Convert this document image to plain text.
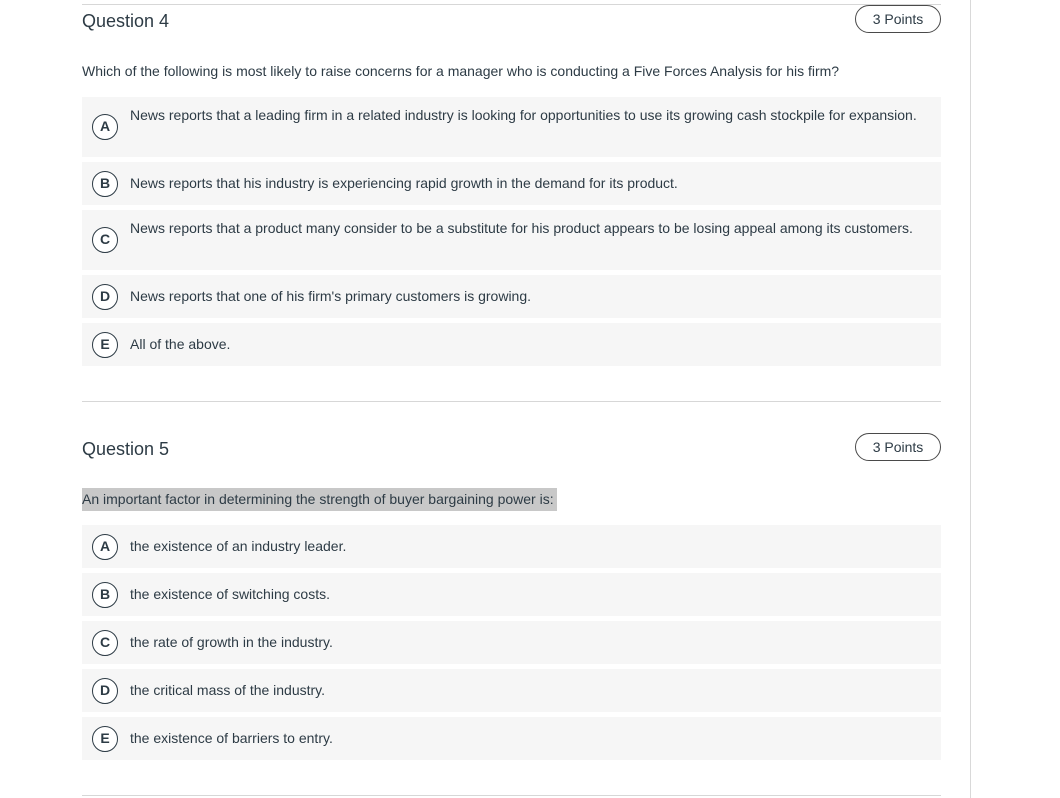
Question 4	3 Points
Which of the following is most likely to raise concerns for a manager who is conducting a Five Forces Analysis for his firm?
A
News reports that a leading firm in a related industry is looking for opportunities to use its growing cash stockpile for expansion.
B	News reports that his industry is experiencing rapid growth in the demand for its product.
C
News reports that a product many consider to be a substitute for his product appears to be losing appeal among its customers.
D	News reports that one of his firm's primary customers is growing.
E	All of the above.
Question 5	3 Points
An important factor in determining the strength of buyer bargaining power is:
A	the existence of an industry leader.
B	the existence of switching costs.
C	the rate of growth in the industry.
D	the critical mass of the industry.
E	the existence of barriers to entry.
